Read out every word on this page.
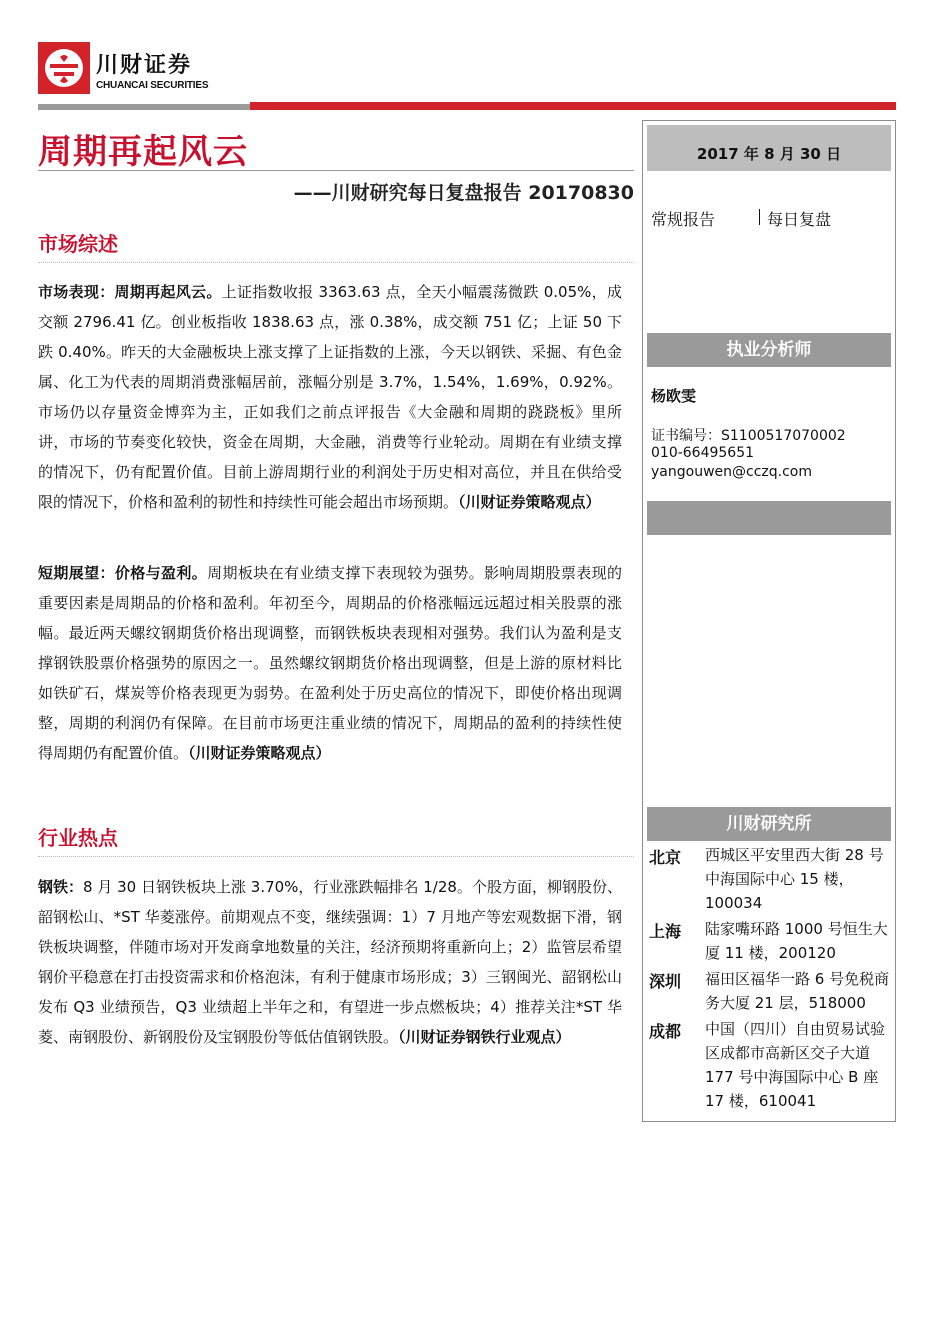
川财证券
CHUANCAI SECURITIES
周期再起风云
——川财研究每日复盘报告 20170830
市场综述
市场表现：周期再起风云。上证指数收报 3363.63 点，全天小幅震荡微跌 0.05%，成交额 2796.41 亿。创业板指收 1838.63 点，涨 0.38%，成交额 751 亿；上证 50 下跌 0.40%。昨天的大金融板块上涨支撑了上证指数的上涨，今天以钢铁、采掘、有色金属、化工为代表的周期消费涨幅居前，涨幅分别是 3.7%，1.54%，1.69%，0.92%。市场仍以存量资金博弈为主，正如我们之前点评报告《大金融和周期的跷跷板》里所讲，市场的节奏变化较快，资金在周期，大金融，消费等行业轮动。周期在有业绩支撑的情况下，仍有配置价值。目前上游周期行业的利润处于历史相对高位，并且在供给受限的情况下，价格和盈利的韧性和持续性可能会超出市场预期。（川财证券策略观点）
短期展望：价格与盈利。周期板块在有业绩支撑下表现较为强势。影响周期股票表现的重要因素是周期品的价格和盈利。年初至今，周期品的价格涨幅远远超过相关股票的涨幅。最近两天螺纹钢期货价格出现调整，而钢铁板块表现相对强势。我们认为盈利是支撑钢铁股票价格强势的原因之一。虽然螺纹钢期货价格出现调整，但是上游的原材料比如铁矿石，煤炭等价格表现更为弱势。在盈利处于历史高位的情况下，即使价格出现调整，周期的利润仍有保障。在目前市场更注重业绩的情况下，周期品的盈利的持续性使得周期仍有配置价值。（川财证券策略观点）
行业热点
钢铁：8 月 30 日钢铁板块上涨 3.70%，行业涨跌幅排名 1/28。个股方面，柳钢股份、韶钢松山、*ST 华菱涨停。前期观点不变，继续强调：1）7 月地产等宏观数据下滑，钢铁板块调整，伴随市场对开发商拿地数量的关注，经济预期将重新向上；2）监管层希望钢价平稳意在打击投资需求和价格泡沫，有利于健康市场形成；3）三钢闽光、韶钢松山发布 Q3 业绩预告，Q3 业绩超上半年之和，有望进一步点燃板块；4）推荐关注*ST 华菱、南钢股份、新钢股份及宝钢股份等低估值钢铁股。（川财证券钢铁行业观点）
2017 年 8 月 30 日
常规报告	每日复盘
执业分析师
杨欧雯
证书编号：S1100517070002
010-66495651
yangouwen@cczq.com
川财研究所
北京 西城区平安里西大街 28 号中海国际中心 15 楼，100034
上海 陆家嘴环路 1000 号恒生大厦 11 楼，200120
深圳 福田区福华一路 6 号免税商务大厦 21 层，518000
成都 中国（四川）自由贸易试验区成都市高新区交子大道 177 号中海国际中心 B 座 17 楼，610041
